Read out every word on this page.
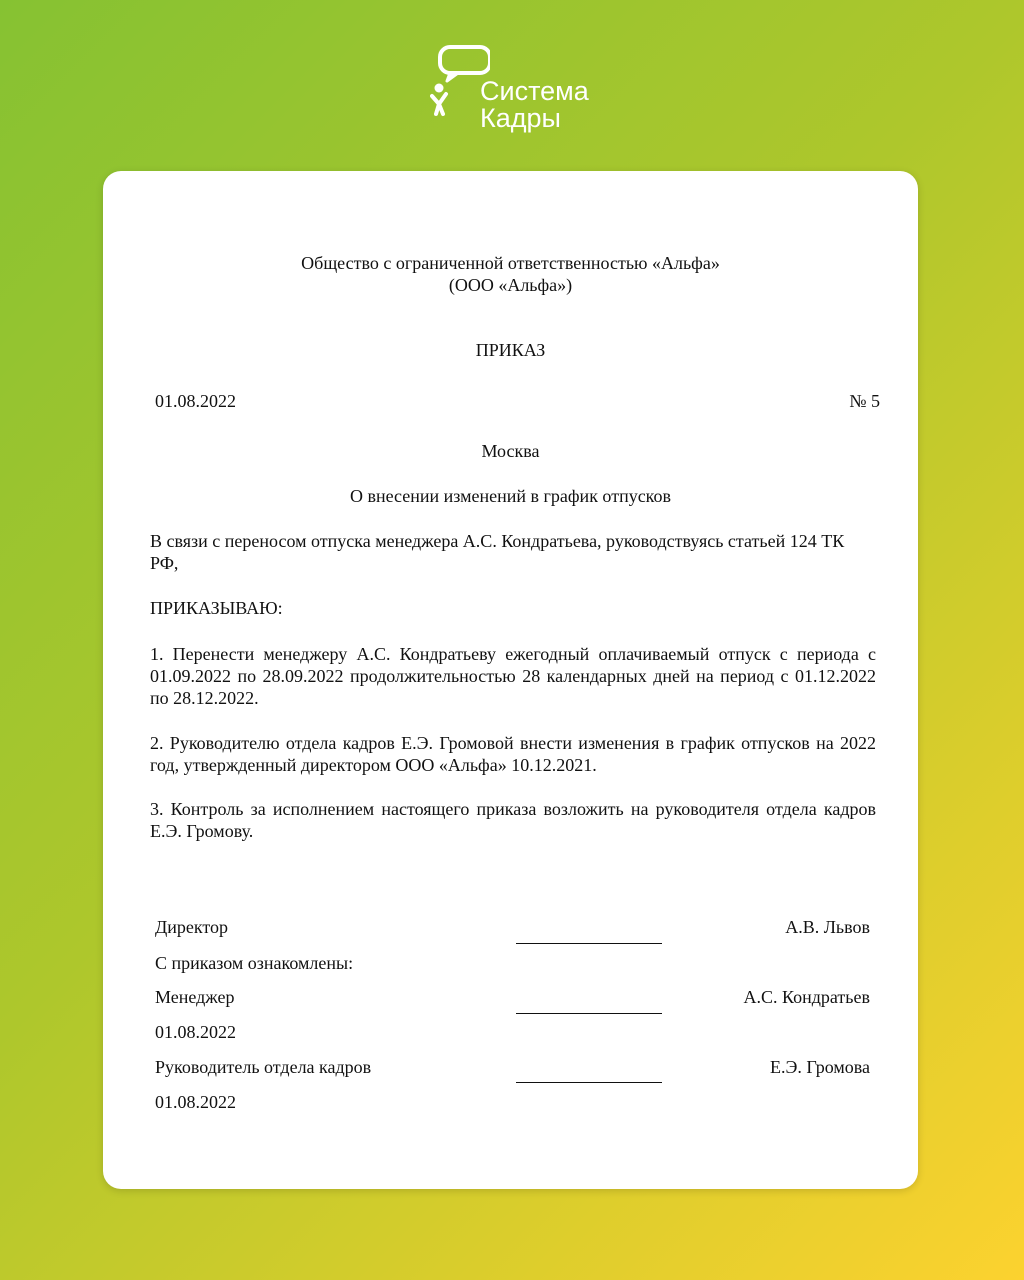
Система
Кадры
Общество с ограниченной ответственностью «Альфа»
(ООО «Альфа»)
ПРИКАЗ
01.08.2022	№ 5
Москва
О внесении изменений в график отпусков
В связи с переносом отпуска менеджера А.С. Кондратьева, руководствуясь статьей 124 ТК РФ,
ПРИКАЗЫВАЮ:
1. Перенести менеджеру А.С. Кондратьеву ежегодный оплачиваемый отпуск с периода с 01.09.2022 по 28.09.2022 продолжительностью 28 календарных дней на период с 01.12.2022 по 28.12.2022.
2. Руководителю отдела кадров Е.Э. Громовой внести изменения в график отпусков на 2022 год, утвержденный директором ООО «Альфа» 10.12.2021.
3. Контроль за исполнением настоящего приказа возложить на руководителя отдела кадров Е.Э. Громову.
Директор	А.В. Львов
С приказом ознакомлены:
Менеджер	А.С. Кондратьев
01.08.2022
Руководитель отдела кадров	Е.Э. Громова
01.08.2022
